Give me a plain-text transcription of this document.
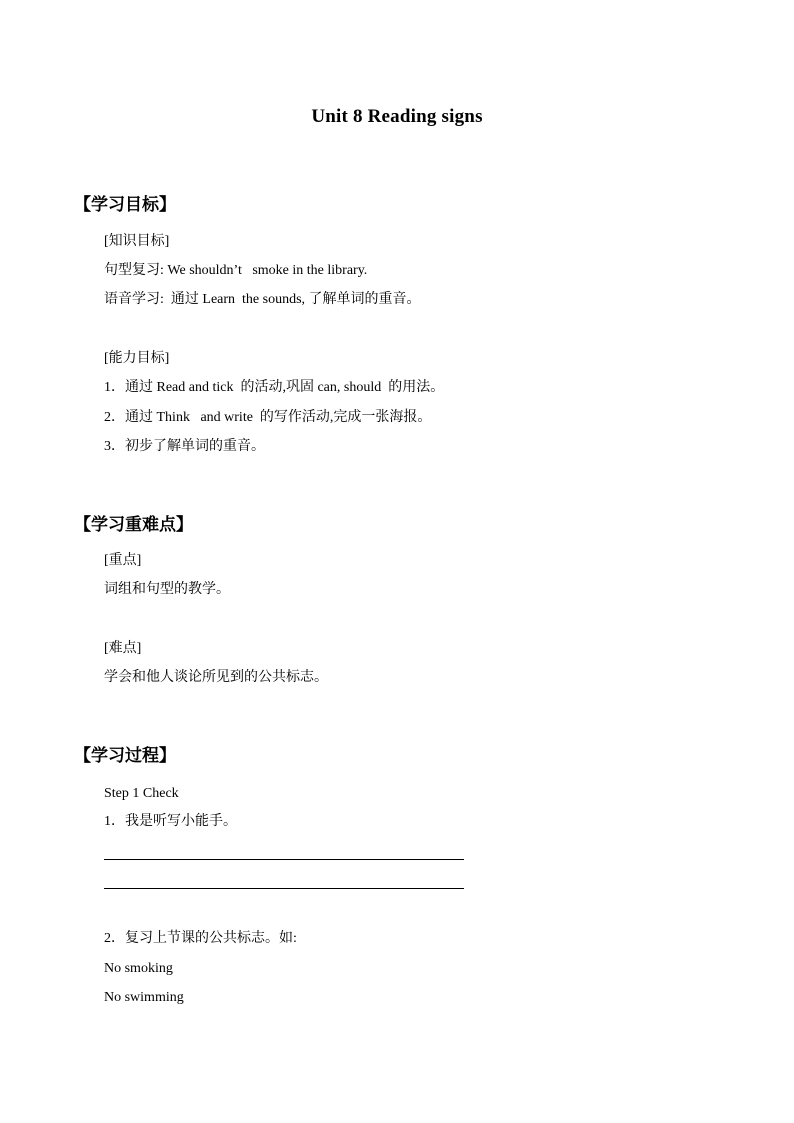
Unit 8 Reading signs
【学习目标】
[知识目标]
句型复习: We shouldn’t   smoke in the library.
语音学习:  通过 Learn  the sounds, 了解单词的重音。
[能力目标]
1．通过 Read and tick  的活动,巩固 can, should  的用法。
2．通过 Think   and write  的写作活动,完成一张海报。
3．初步了解单词的重音。
【学习重难点】
[重点]
词组和句型的教学。
[难点]
学会和他人谈论所见到的公共标志。
【学习过程】
Step 1 Check
1．我是听写小能手。
2．复习上节课的公共标志。如:
No smoking
No swimming
